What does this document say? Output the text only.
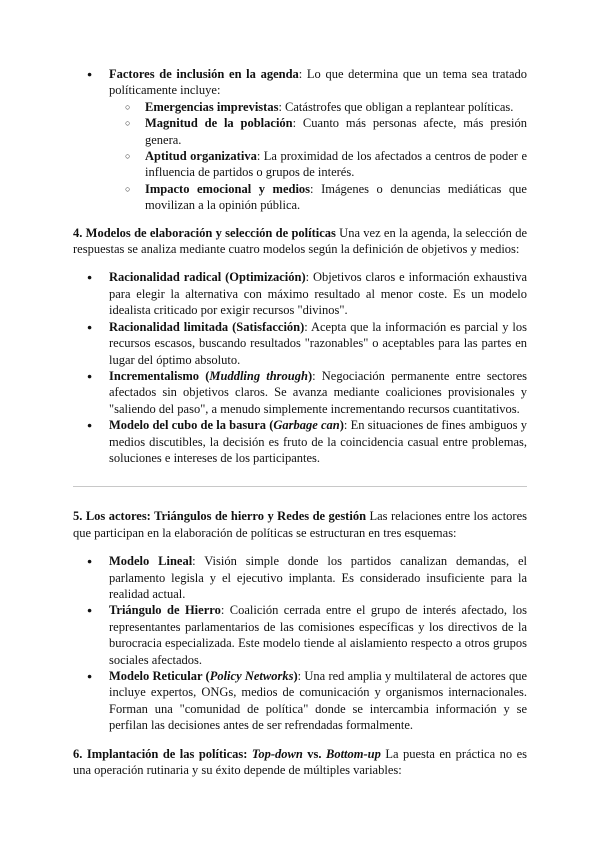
● Factores de inclusión en la agenda: Lo que determina que un tema sea tratado políticamente incluye:
○ Emergencias imprevistas: Catástrofes que obligan a replantear políticas.
○ Magnitud de la población: Cuanto más personas afecte, más presión genera.
○ Aptitud organizativa: La proximidad de los afectados a centros de poder e influencia de partidos o grupos de interés.
○ Impacto emocional y medios: Imágenes o denuncias mediáticas que movilizan a la opinión pública.

4. Modelos de elaboración y selección de políticas Una vez en la agenda, la selección de respuestas se analiza mediante cuatro modelos según la definición de objetivos y medios:

● Racionalidad radical (Optimización): Objetivos claros e información exhaustiva para elegir la alternativa con máximo resultado al menor coste. Es un modelo idealista criticado por exigir recursos "divinos".
● Racionalidad limitada (Satisfacción): Acepta que la información es parcial y los recursos escasos, buscando resultados "razonables" o aceptables para las partes en lugar del óptimo absoluto.
● Incrementalismo (Muddling through): Negociación permanente entre sectores afectados sin objetivos claros. Se avanza mediante coaliciones provisionales y "saliendo del paso", a menudo simplemente incrementando recursos cuantitativos.
● Modelo del cubo de la basura (Garbage can): En situaciones de fines ambiguos y medios discutibles, la decisión es fruto de la coincidencia casual entre problemas, soluciones e intereses de los participantes.

5. Los actores: Triángulos de hierro y Redes de gestión Las relaciones entre los actores que participan en la elaboración de políticas se estructuran en tres esquemas:

● Modelo Lineal: Visión simple donde los partidos canalizan demandas, el parlamento legisla y el ejecutivo implanta. Es considerado insuficiente para la realidad actual.
● Triángulo de Hierro: Coalición cerrada entre el grupo de interés afectado, los representantes parlamentarios de las comisiones específicas y los directivos de la burocracia especializada. Este modelo tiende al aislamiento respecto a otros grupos sociales afectados.
● Modelo Reticular (Policy Networks): Una red amplia y multilateral de actores que incluye expertos, ONGs, medios de comunicación y organismos internacionales. Forman una "comunidad de política" donde se intercambia información y se perfilan las decisiones antes de ser refrendadas formalmente.

6. Implantación de las políticas: Top-down vs. Bottom-up La puesta en práctica no es una operación rutinaria y su éxito depende de múltiples variables:
